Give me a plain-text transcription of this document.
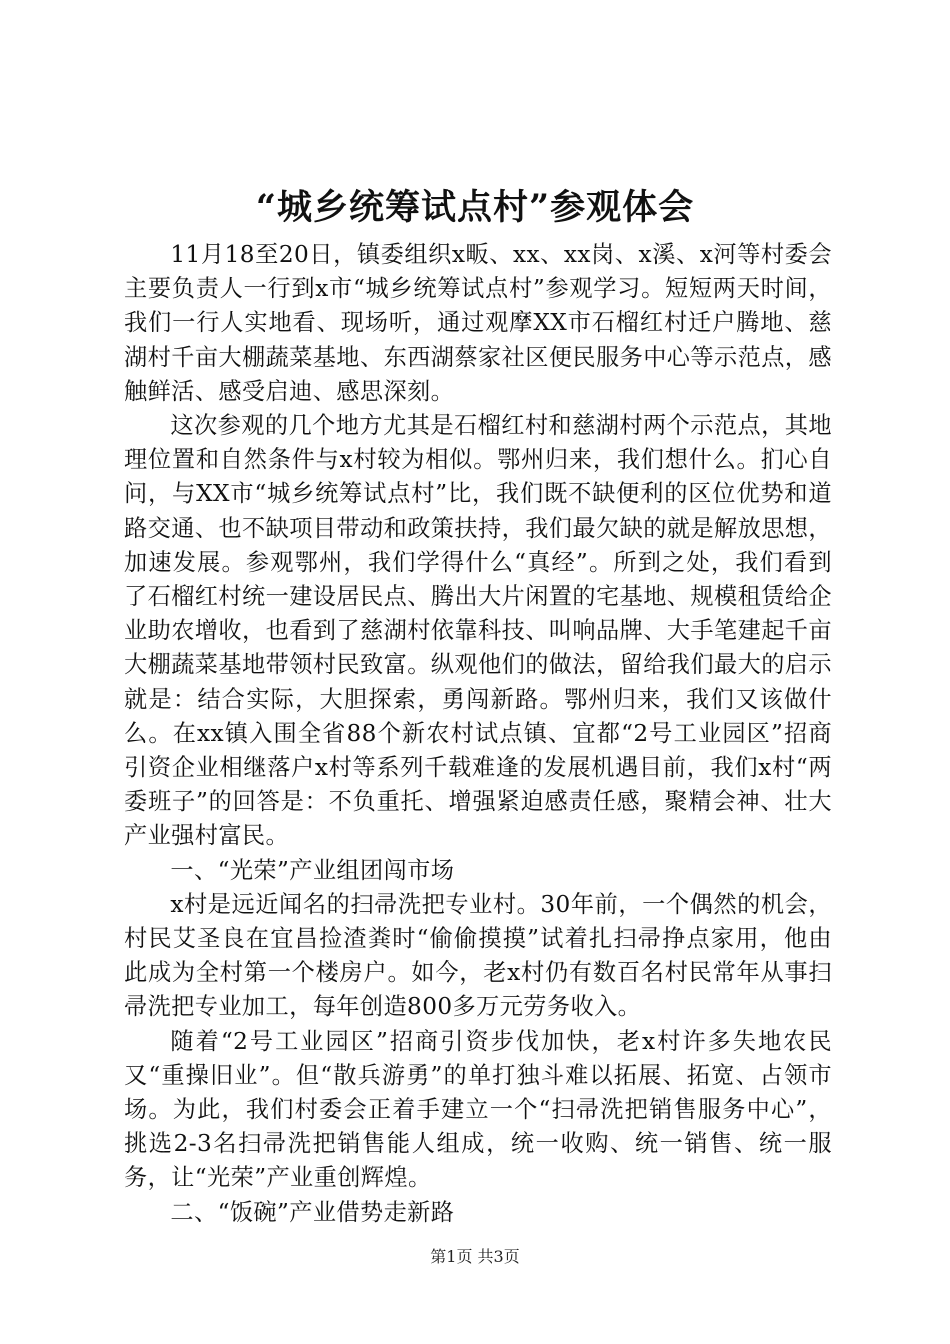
“城乡统筹试点村”参观体会

11月18至20日，镇委组织x畈、xx、xx岗、x溪、x河等村委会主要负责人一行到x市“城乡统筹试点村”参观学习。短短两天时间，我们一行人实地看、现场听，通过观摩XX市石榴红村迁户腾地、慈湖村千亩大棚蔬菜基地、东西湖蔡家社区便民服务中心等示范点，感触鲜活、感受启迪、感思深刻。

这次参观的几个地方尤其是石榴红村和慈湖村两个示范点，其地理位置和自然条件与x村较为相似。鄂州归来，我们想什么。扪心自问，与XX市“城乡统筹试点村”比，我们既不缺便利的区位优势和道路交通、也不缺项目带动和政策扶持，我们最欠缺的就是解放思想，加速发展。参观鄂州，我们学得什么“真经”。所到之处，我们看到了石榴红村统一建设居民点、腾出大片闲置的宅基地、规模租赁给企业助农增收，也看到了慈湖村依靠科技、叫响品牌、大手笔建起千亩大棚蔬菜基地带领村民致富。纵观他们的做法，留给我们最大的启示就是：结合实际，大胆探索，勇闯新路。鄂州归来，我们又该做什么。在xx镇入围全省88个新农村试点镇、宜都“2号工业园区”招商引资企业相继落户x村等系列千载难逢的发展机遇目前，我们x村“两委班子”的回答是：不负重托、增强紧迫感责任感，聚精会神、壮大产业强村富民。

一、“光荣”产业组团闯市场

x村是远近闻名的扫帚洗把专业村。30年前，一个偶然的机会，村民艾圣良在宜昌捡渣粪时“偷偷摸摸”试着扎扫帚挣点家用，他由此成为全村第一个楼房户。如今，老x村仍有数百名村民常年从事扫帚洗把专业加工，每年创造800多万元劳务收入。

随着“2号工业园区”招商引资步伐加快，老x村许多失地农民又“重操旧业”。但“散兵游勇”的单打独斗难以拓展、拓宽、占领市场。为此，我们村委会正着手建立一个“扫帚洗把销售服务中心”，挑选2-3名扫帚洗把销售能人组成，统一收购、统一销售、统一服务，让“光荣”产业重创辉煌。

二、“饭碗”产业借势走新路

第1页 共3页
